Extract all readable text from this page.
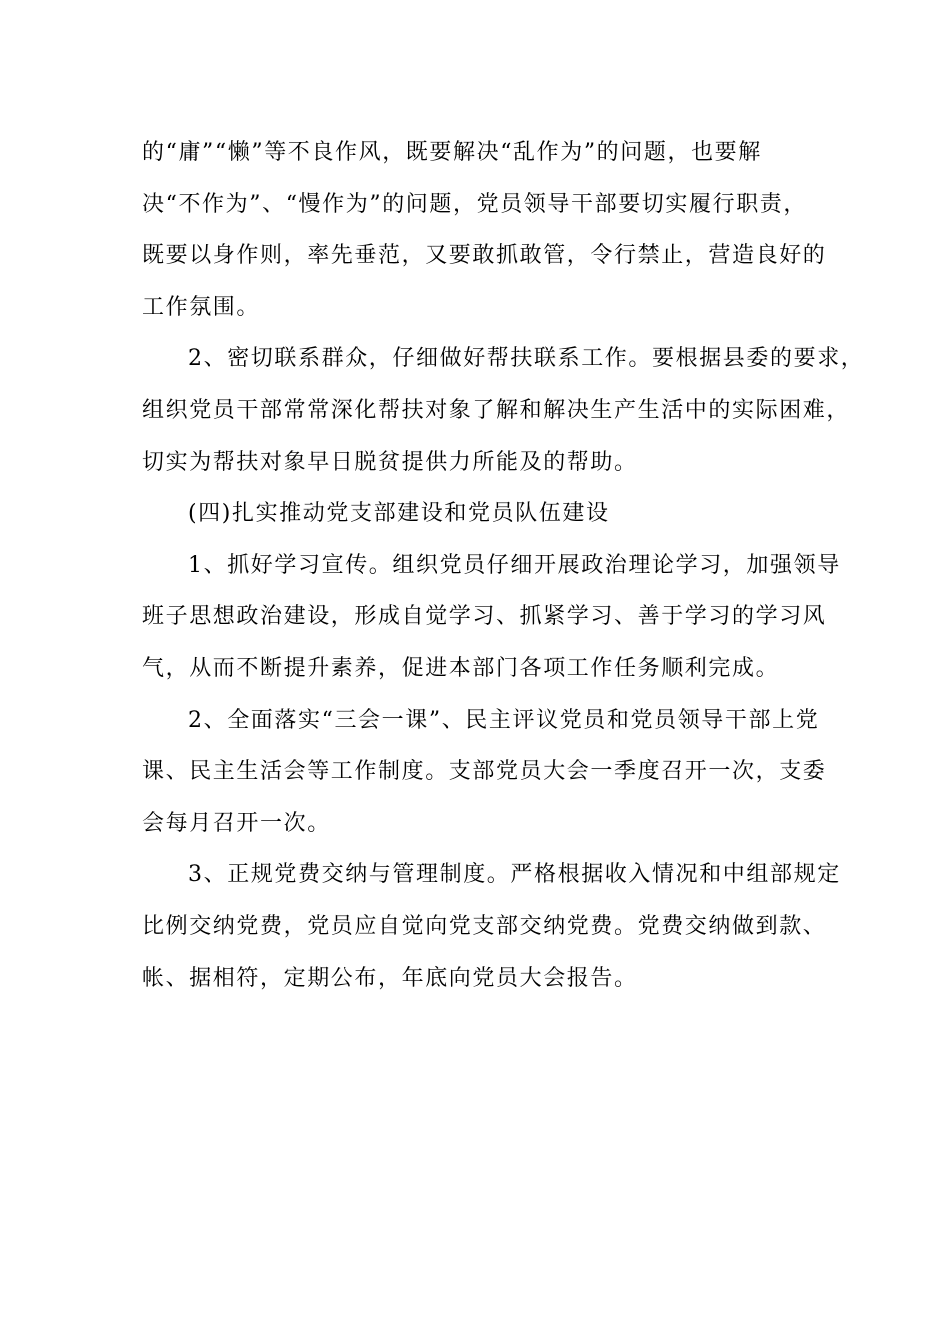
的“庸”“懒”等不良作风，既要解决“乱作为”的问题，也要解
决“不作为”、“慢作为”的问题，党员领导干部要切实履行职责，
既要以身作则，率先垂范，又要敢抓敢管，令行禁止，营造良好的
工作氛围。

2、密切联系群众，仔细做好帮扶联系工作。要根据县委的要求，
组织党员干部常常深化帮扶对象了解和解决生产生活中的实际困难，
切实为帮扶对象早日脱贫提供力所能及的帮助。

(四)扎实推动党支部建设和党员队伍建设

1、抓好学习宣传。组织党员仔细开展政治理论学习，加强领导
班子思想政治建设，形成自觉学习、抓紧学习、善于学习的学习风
气，从而不断提升素养，促进本部门各项工作任务顺利完成。

2、全面落实“三会一课”、民主评议党员和党员领导干部上党
课、民主生活会等工作制度。支部党员大会一季度召开一次，支委
会每月召开一次。

3、正规党费交纳与管理制度。严格根据收入情况和中组部规定
比例交纳党费，党员应自觉向党支部交纳党费。党费交纳做到款、
帐、据相符，定期公布，年底向党员大会报告。
